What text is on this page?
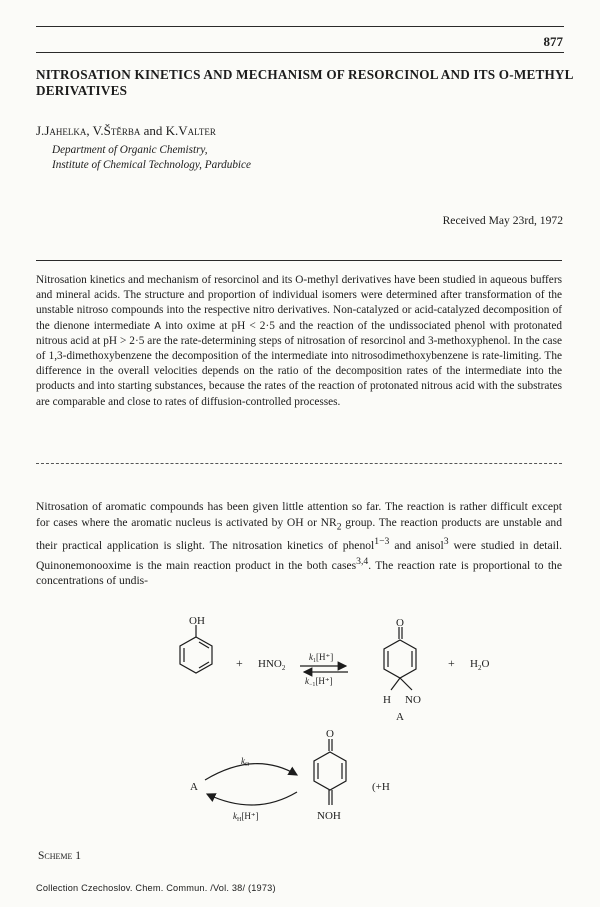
877
NITROSATION KINETICS AND MECHANISM OF RESORCINOL AND ITS O-METHYL DERIVATIVES
J.Jahelka, V.Štěrba and K.Valter
Department of Organic Chemistry,
Institute of Chemical Technology, Pardubice
Received May 23rd, 1972
Nitrosation kinetics and mechanism of resorcinol and its O-methyl derivatives have been studied in aqueous buffers and mineral acids. The structure and proportion of individual isomers were determined after transformation of the unstable nitroso compounds into the respective nitro derivatives. Non-catalyzed or acid-catalyzed decomposition of the dienone intermediate A into oxime at pH < 2·5 and the reaction of the undissociated phenol with protonated nitrous acid at pH > 2·5 are the rate-determining steps of nitrosation of resorcinol and 3-methoxyphenol. In the case of 1,3-dimethoxybenzene the decomposition of the intermediate into nitrosodimethoxybenzene is rate-limiting. The difference in the overall velocities depends on the ratio of the decomposition rates of the intermediate into the products and into starting substances, because the rates of the reaction of protonated nitrous acid with the substrates are comparable and close to rates of diffusion-controlled processes.
Nitrosation of aromatic compounds has been given little attention so far. The reaction is rather difficult except for cases where the aromatic nucleus is activated by OH or $NR_2$ group. The reaction products are unstable and their practical application is slight. The nitrosation kinetics of phenol$^{1-3}$ and anisol$^3$ were studied in detail. Quinonemonooxime is the main reaction product in the both cases$^{3,4}$. The reaction rate is proportional to the concentrations of undis-
OH
+ $HNO_2$
$k_1[H^+]$
$k_{-1}[H^+]$
O
H NO
A
+ $H_2O$
A
$k_O$
$k_H[H^+]$
O
NOH
(+H
Scheme 1
Collection Czechoslov. Chem. Commun. /Vol. 38/ (1973)
